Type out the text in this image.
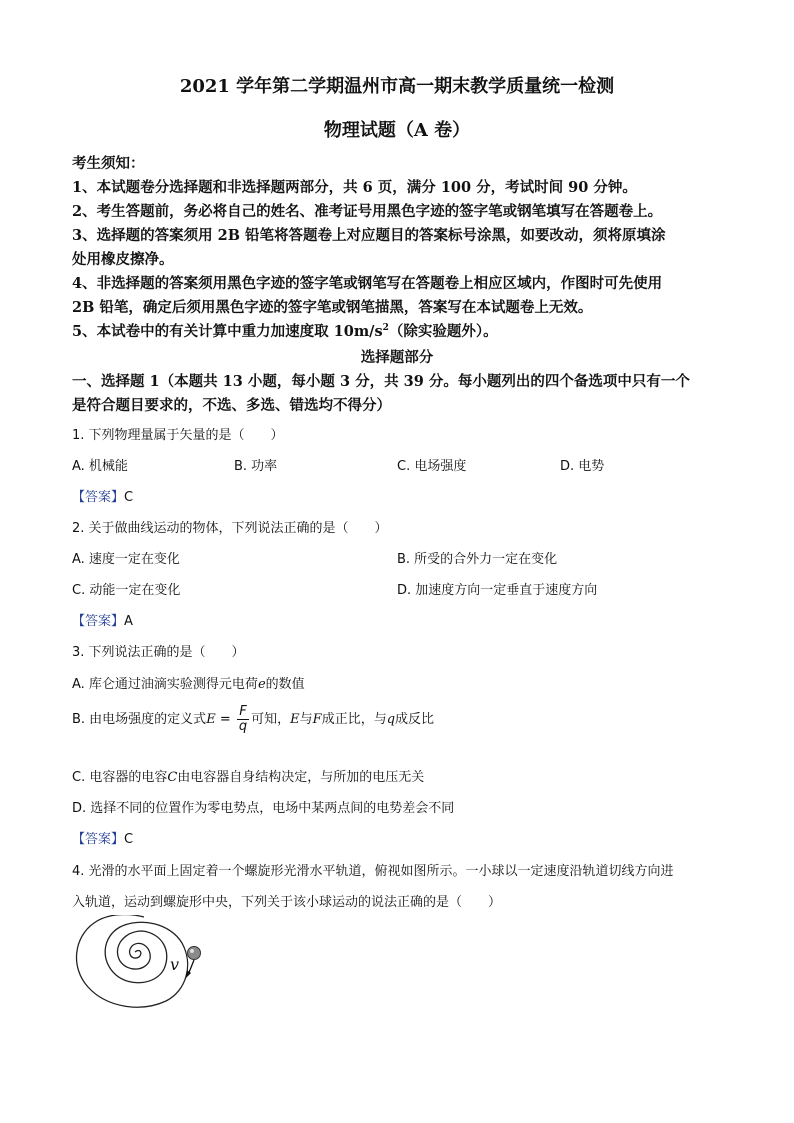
2021 学年第二学期温州市高一期末教学质量统一检测
物理试题（A 卷）
考生须知：
1、本试题卷分选择题和非选择题两部分，共 6 页，满分 100 分，考试时间 90 分钟。
2、考生答题前，务必将自己的姓名、准考证号用黑色字迹的签字笔或钢笔填写在答题卷上。
3、选择题的答案须用 2B 铅笔将答题卷上对应题目的答案标号涂黑，如要改动，须将原填涂
处用橡皮擦净。
4、非选择题的答案须用黑色字迹的签字笔或钢笔写在答题卷上相应区域内，作图时可先使用
2B 铅笔，确定后须用黑色字迹的签字笔或钢笔描黑，答案写在本试题卷上无效。
5、本试卷中的有关计算中重力加速度取 $10m/s^2$（除实验题外）。
选择题部分
一、选择题 1（本题共 13 小题，每小题 3 分，共 39 分。每小题列出的四个备选项中只有一个
是符合题目要求的，不选、多选、错选均不得分）
1. 下列物理量属于矢量的是（　　）
A. 机械能	B. 功率	C. 电场强度	D. 电势
【答案】C
2. 关于做曲线运动的物体，下列说法正确的是（　　）
A. 速度一定在变化	B. 所受的合外力一定在变化
C. 动能一定在变化	D. 加速度方向一定垂直于速度方向
【答案】A
3. 下列说法正确的是（　　）
A. 库仑通过油滴实验测得元电荷e的数值
B. 由电场强度的定义式$E = \frac{F}{q}$ 可知，E与F成正比，与q成反比
C. 电容器的电容C由电容器自身结构决定，与所加的电压无关
D. 选择不同的位置作为零电势点，电场中某两点间的电势差会不同
【答案】C
4. 光滑的水平面上固定着一个螺旋形光滑水平轨道，俯视如图所示。一小球以一定速度沿轨道切线方向进
入轨道，运动到螺旋形中央，下列关于该小球运动的说法正确的是（　　）
v
